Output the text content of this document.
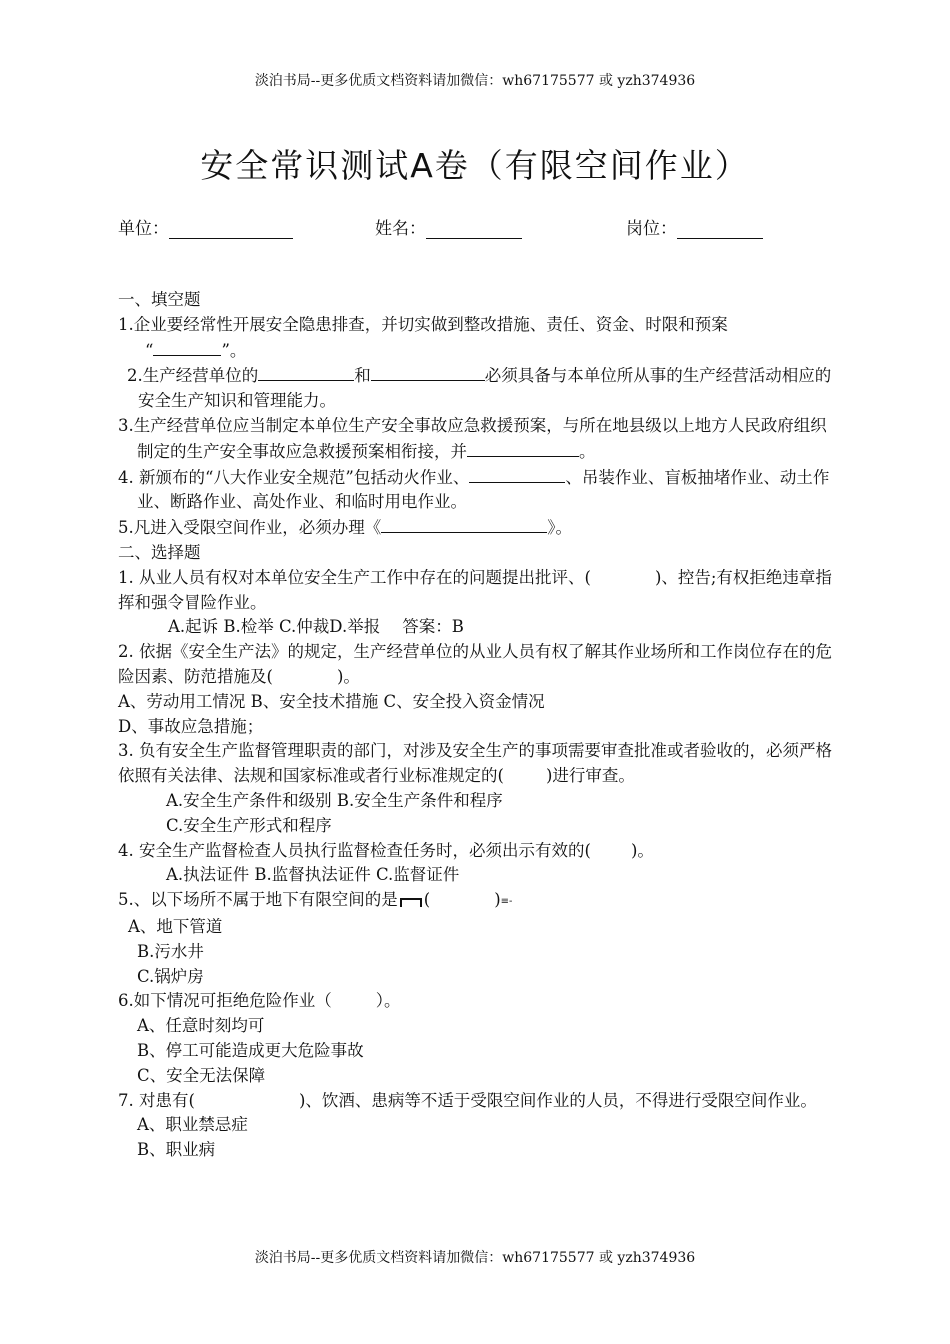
淡泊书局--更多优质文档资料请加微信：wh67175577 或 yzh374936
安全常识测试A卷（有限空间作业）
单位：	姓名：	岗位：

一、填空题

1.企业要经常性开展安全隐患排查，并切实做到整改措施、责任、资金、时限和预案
“	”。

2.生产经营单位的	和	必须具备与本单位所从事的生产经营活动相应的安全生产知识和管理能力。

3.生产经营单位应当制定本单位生产安全事故应急救援预案，与所在地县级以上地方人民政府组织制定的生产安全事故应急救援预案相衔接，并	。

4. 新颁布的“八大作业安全规范”包括动火作业、	、吊装作业、盲板抽堵作业、动土作业、断路作业、高处作业、和临时用电作业。

5.凡进入受限空间作业，必须办理《	》。

二、选择题

1. 从业人员有权对本单位安全生产工作中存在的问题提出批评、(	)、控告;有权拒绝违章指挥和强令冒险作业。

A.起诉 B.检举 C.仲裁D.举报 答案：B

2. 依据《安全生产法》的规定，生产经营单位的从业人员有权了解其作业场所和工作岗位存在的危险因素、防范措施及(	)。

A、劳动用工情况 B、安全技术措施 C、安全投入资金情况

D、事故应急措施；

3. 负有安全生产监督管理职责的部门，对涉及安全生产的事项需要审查批准或者验收的，必须严格依照有关法律、法规和国家标准或者行业标准规定的(	)进行审查。

A.安全生产条件和级别 B.安全生产条件和程序

C.安全生产形式和程序

4. 安全生产监督检查人员执行监督检查任务时，必须出示有效的( )。

A.执法证件 B.监督执法证件 C.监督证件

5.、以下场所不属于地下有限空间的是 (	)≡-

A、地下管道

B.污水井

C.锅炉房

6.如下情况可拒绝危险作业（	）。

A、任意时刻均可

B、停工可能造成更大危险事故

C、安全无法保障

7. 对患有(	)、饮酒、患病等不适于受限空间作业的人员，不得进行受限空间作业。

A、职业禁忌症

B、职业病

淡泊书局--更多优质文档资料请加微信：wh67175577 或 yzh374936
